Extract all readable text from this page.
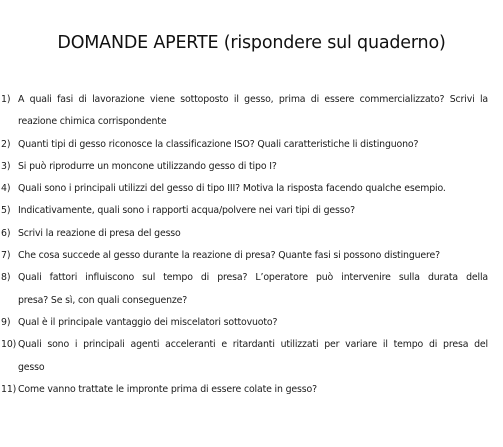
DOMANDE APERTE (rispondere sul quaderno)
1) A quali fasi di lavorazione viene sottoposto il gesso, prima di essere commercializzato? Scrivi la
reazione chimica corrispondente
2) Quanti tipi di gesso riconosce la classificazione ISO? Quali caratteristiche li distinguono?
3) Si può riprodurre un moncone utilizzando gesso di tipo I?
4) Quali sono i principali utilizzi del gesso di tipo III? Motiva la risposta facendo qualche esempio.
5) Indicativamente, quali sono i rapporti acqua/polvere nei vari tipi di gesso?
6) Scrivi la reazione di presa del gesso
7) Che cosa succede al gesso durante la reazione di presa? Quante fasi si possono distinguere?
8) Quali fattori influiscono sul tempo di presa? L’operatore può intervenire sulla durata della
presa? Se sì, con quali conseguenze?
9) Qual è il principale vantaggio dei miscelatori sottovuoto?
10) Quali sono i principali agenti acceleranti e ritardanti utilizzati per variare il tempo di presa del
gesso
11) Come vanno trattate le impronte prima di essere colate in gesso?
